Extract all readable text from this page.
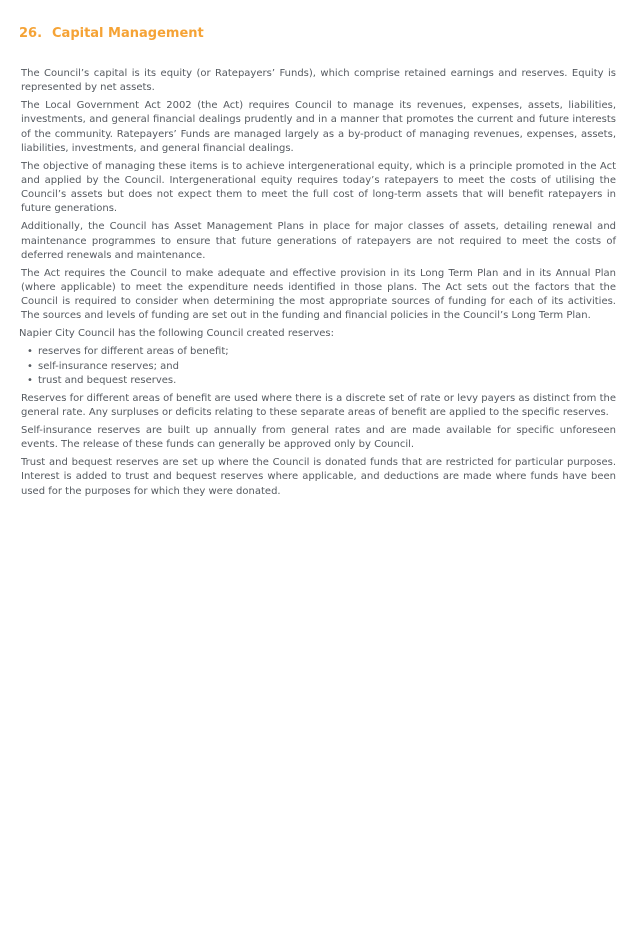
26. Capital Management

The Council’s capital is its equity (or Ratepayers’ Funds), which comprise retained earnings and reserves. Equity is represented by net assets.

The Local Government Act 2002 (the Act) requires Council to manage its revenues, expenses, assets, liabilities, investments, and general financial dealings prudently and in a manner that promotes the current and future interests of the community. Ratepayers’ Funds are managed largely as a by-product of managing revenues, expenses, assets, liabilities, investments, and general financial dealings.

The objective of managing these items is to achieve intergenerational equity, which is a principle promoted in the Act and applied by the Council. Intergenerational equity requires today’s ratepayers to meet the costs of utilising the Council’s assets but does not expect them to meet the full cost of long-term assets that will benefit ratepayers in future generations.

Additionally, the Council has Asset Management Plans in place for major classes of assets, detailing renewal and maintenance programmes to ensure that future generations of ratepayers are not required to meet the costs of deferred renewals and maintenance.

The Act requires the Council to make adequate and effective provision in its Long Term Plan and in its Annual Plan (where applicable) to meet the expenditure needs identified in those plans. The Act sets out the factors that the Council is required to consider when determining the most appropriate sources of funding for each of its activities. The sources and levels of funding are set out in the funding and financial policies in the Council’s Long Term Plan.

Napier City Council has the following Council created reserves:

• reserves for different areas of benefit;
• self-insurance reserves; and
• trust and bequest reserves.

Reserves for different areas of benefit are used where there is a discrete set of rate or levy payers as distinct from the general rate. Any surpluses or deficits relating to these separate areas of benefit are applied to the specific reserves.

Self-insurance reserves are built up annually from general rates and are made available for specific unforeseen events. The release of these funds can generally be approved only by Council.

Trust and bequest reserves are set up where the Council is donated funds that are restricted for particular purposes. Interest is added to trust and bequest reserves where applicable, and deductions are made where funds have been used for the purposes for which they were donated.
